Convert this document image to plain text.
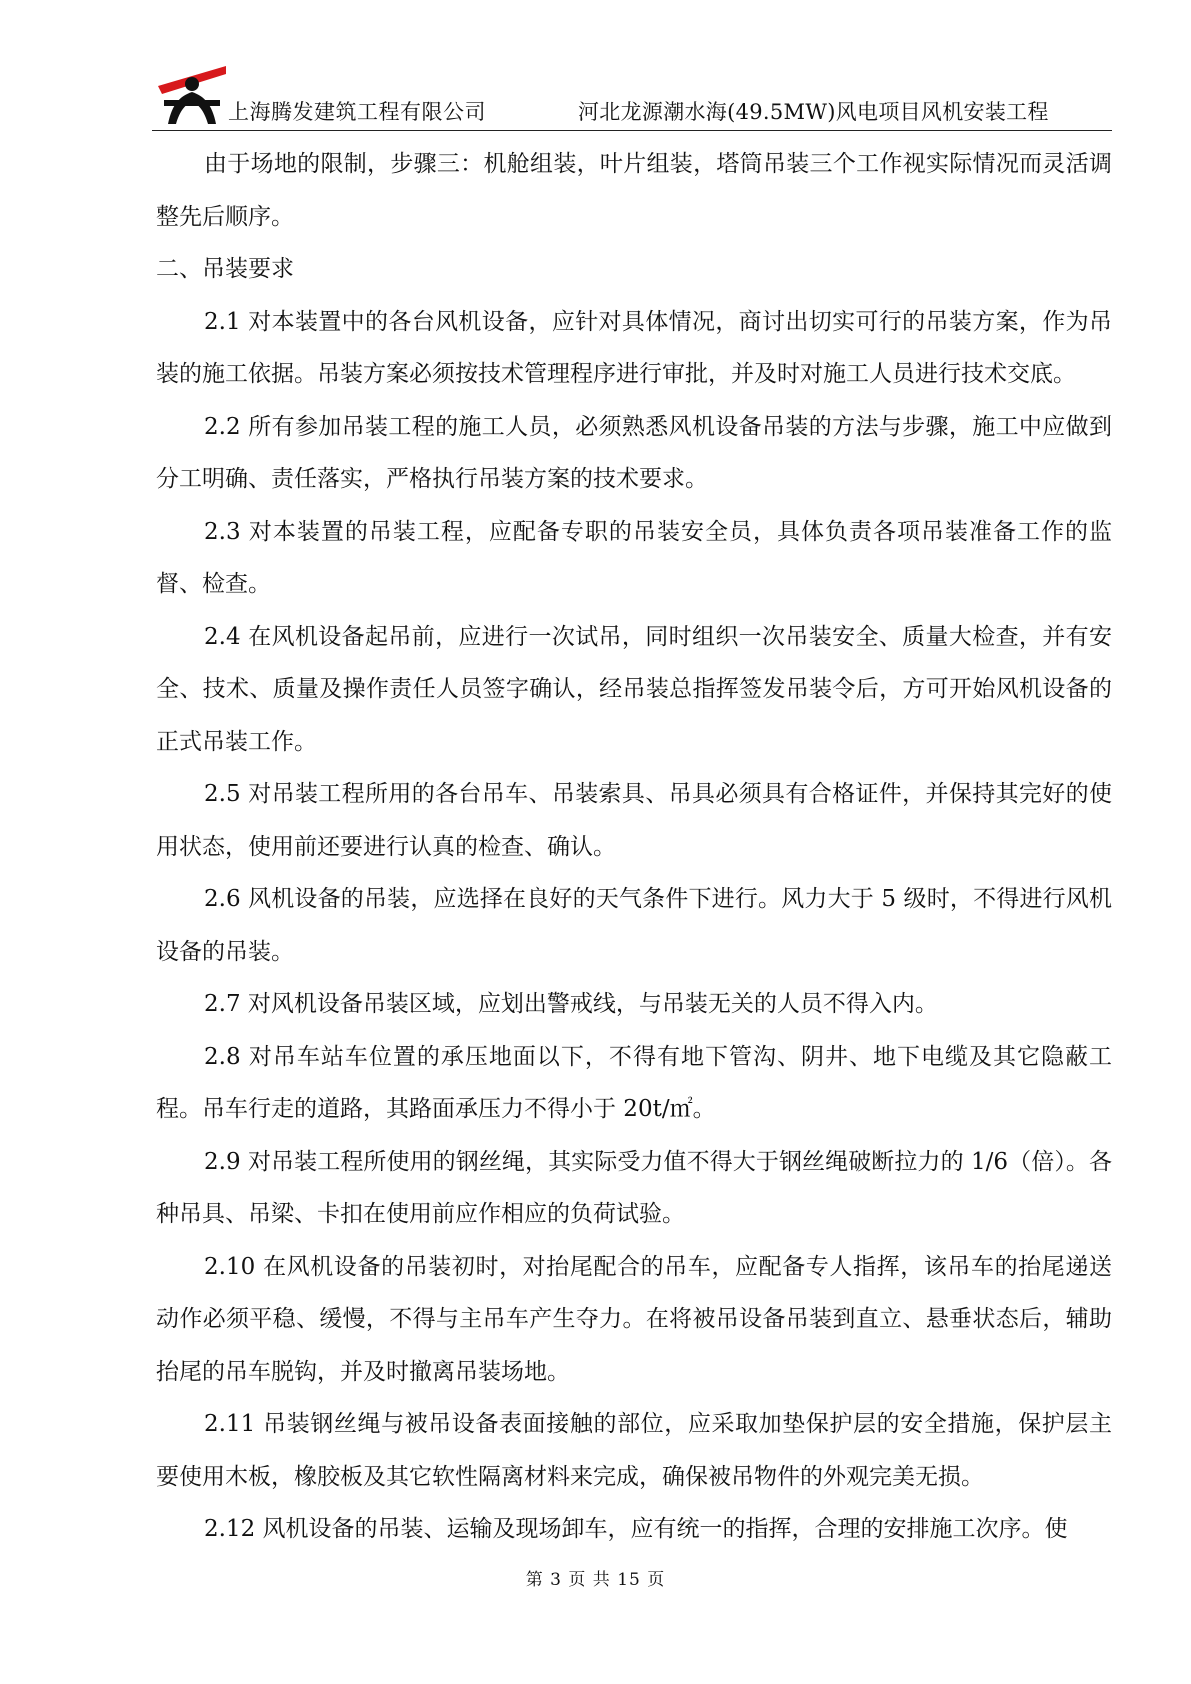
上海腾发建筑工程有限公司	河北龙源潮水海(49.5MW)风电项目风机安装工程

由于场地的限制，步骤三：机舱组装，叶片组装，塔筒吊装三个工作视实际情况而灵活调整先后顺序。

二、吊装要求

2.1 对本装置中的各台风机设备，应针对具体情况，商讨出切实可行的吊装方案，作为吊装的施工依据。吊装方案必须按技术管理程序进行审批，并及时对施工人员进行技术交底。

2.2 所有参加吊装工程的施工人员，必须熟悉风机设备吊装的方法与步骤，施工中应做到分工明确、责任落实，严格执行吊装方案的技术要求。

2.3 对本装置的吊装工程，应配备专职的吊装安全员，具体负责各项吊装准备工作的监督、检查。

2.4 在风机设备起吊前，应进行一次试吊，同时组织一次吊装安全、质量大检查，并有安全、技术、质量及操作责任人员签字确认，经吊装总指挥签发吊装令后，方可开始风机设备的正式吊装工作。

2.5 对吊装工程所用的各台吊车、吊装索具、吊具必须具有合格证件，并保持其完好的使用状态，使用前还要进行认真的检查、确认。

2.6 风机设备的吊装，应选择在良好的天气条件下进行。风力大于 5 级时，不得进行风机设备的吊装。

2.7 对风机设备吊装区域，应划出警戒线，与吊装无关的人员不得入内。

2.8 对吊车站车位置的承压地面以下，不得有地下管沟、阴井、地下电缆及其它隐蔽工程。吊车行走的道路，其路面承压力不得小于 20t/㎡。

2.9 对吊装工程所使用的钢丝绳，其实际受力值不得大于钢丝绳破断拉力的 1/6（倍）。各种吊具、吊梁、卡扣在使用前应作相应的负荷试验。

2.10 在风机设备的吊装初时，对抬尾配合的吊车，应配备专人指挥，该吊车的抬尾递送动作必须平稳、缓慢，不得与主吊车产生夺力。在将被吊设备吊装到直立、悬垂状态后，辅助抬尾的吊车脱钩，并及时撤离吊装场地。

2.11 吊装钢丝绳与被吊设备表面接触的部位，应采取加垫保护层的安全措施，保护层主要使用木板，橡胶板及其它软性隔离材料来完成，确保被吊物件的外观完美无损。

2.12 风机设备的吊装、运输及现场卸车，应有统一的指挥，合理的安排施工次序。使

第 3 页 共 15 页
